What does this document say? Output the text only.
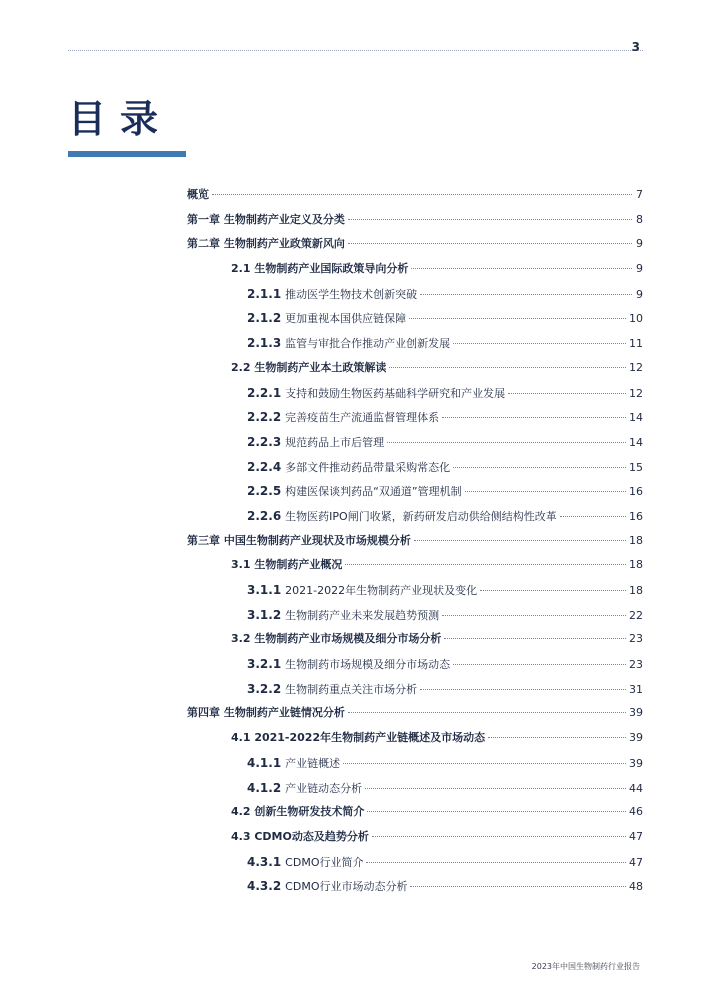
3
目录
概览	7
第一章 生物制药产业定义及分类	8
第二章 生物制药产业政策新风向	9
2.1 生物制药产业国际政策导向分析	9
2.1.1 推动医学生物技术创新突破	9
2.1.2 更加重视本国供应链保障	10
2.1.3 监管与审批合作推动产业创新发展	11
2.2 生物制药产业本土政策解读	12
2.2.1 支持和鼓励生物医药基础科学研究和产业发展	12
2.2.2 完善疫苗生产流通监督管理体系	14
2.2.3 规范药品上市后管理	14
2.2.4 多部文件推动药品带量采购常态化	15
2.2.5 构建医保谈判药品“双通道”管理机制	16
2.2.6 生物医药IPO闸门收紧，新药研发启动供给侧结构性改革	16
第三章 中国生物制药产业现状及市场规模分析	18
3.1 生物制药产业概况	18
3.1.1 2021-2022年生物制药产业现状及变化	18
3.1.2 生物制药产业未来发展趋势预测	22
3.2 生物制药产业市场规模及细分市场分析	23
3.2.1 生物制药市场规模及细分市场动态	23
3.2.2 生物制药重点关注市场分析	31
第四章 生物制药产业链情况分析	39
4.1 2021-2022年生物制药产业链概述及市场动态	39
4.1.1 产业链概述	39
4.1.2 产业链动态分析	44
4.2 创新生物研发技术简介	46
4.3 CDMO动态及趋势分析	47
4.3.1 CDMO行业简介	47
4.3.2 CDMO行业市场动态分析	48
2023年中国生物制药行业报告
